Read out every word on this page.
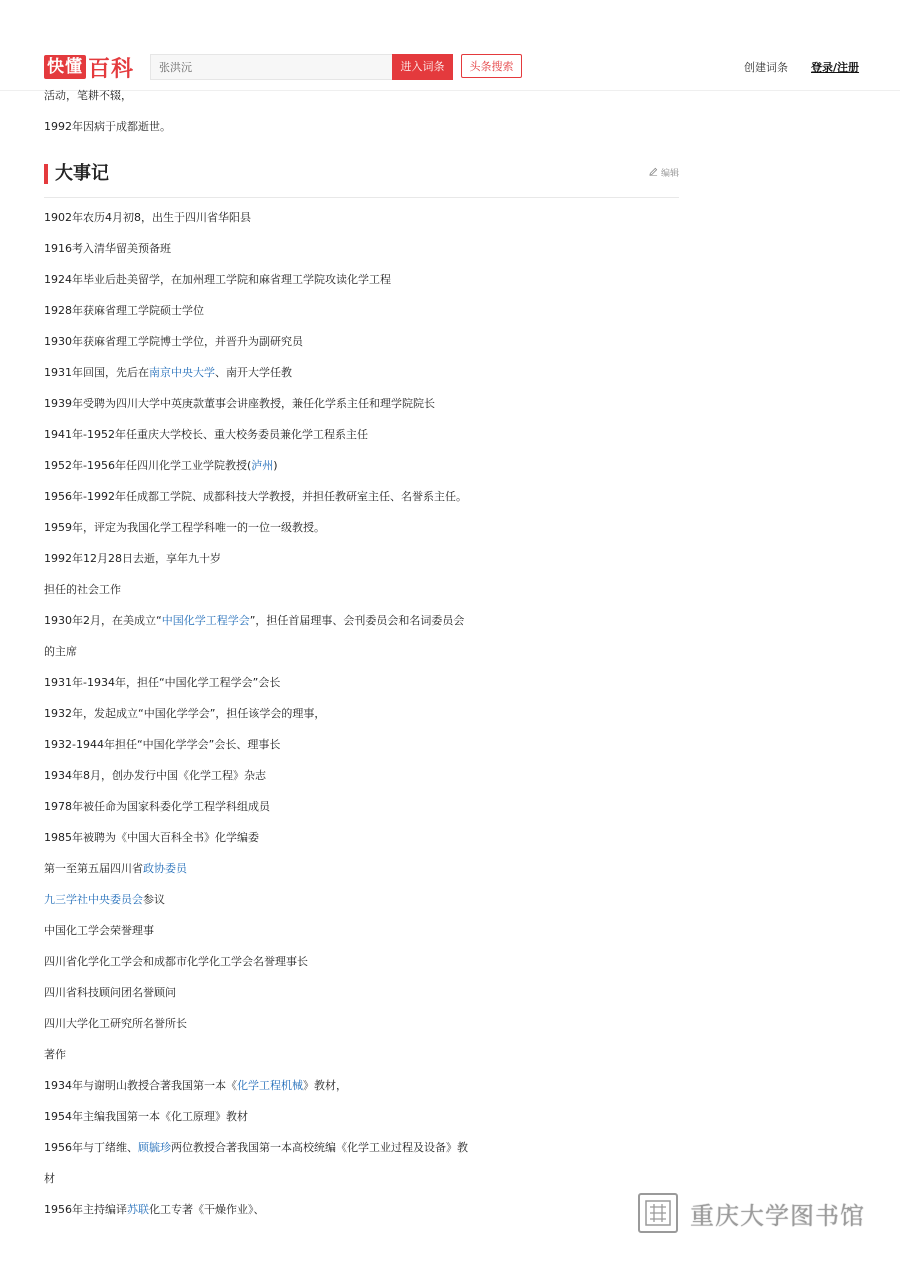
快懂 百科
张洪沅	进入词条	头条搜索	创建词条 登录/注册
活动，笔耕不辍，
1992年因病于成都逝世。
大事记	编辑
1902年农历4月初8，出生于四川省华阳县
1916考入清华留美预备班
1924年毕业后赴美留学，在加州理工学院和麻省理工学院攻读化学工程
1928年获麻省理工学院硕士学位
1930年获麻省理工学院博士学位，并晋升为副研究员
1931年回国，先后在南京中央大学、南开大学任教
1939年受聘为四川大学中英庚款董事会讲座教授，兼任化学系主任和理学院院长
1941年-1952年任重庆大学校长、重大校务委员兼化学工程系主任
1952年-1956年任四川化学工业学院教授(泸州)
1956年-1992年任成都工学院、成都科技大学教授，并担任教研室主任、名誉系主任。
1959年，评定为我国化学工程学科唯一的一位一级教授。
1992年12月28日去逝，享年九十岁
担任的社会工作
1930年2月，在美成立“中国化学工程学会”，担任首届理事、会刊委员会和名词委员会
的主席
1931年-1934年，担任“中国化学工程学会”会长
1932年，发起成立“中国化学学会”，担任该学会的理事，
1932-1944年担任“中国化学学会”会长、理事长
1934年8月，创办发行中国《化学工程》杂志
1978年被任命为国家科委化学工程学科组成员
1985年被聘为《中国大百科全书》化学编委
第一至第五届四川省政协委员
九三学社中央委员会参议
中国化工学会荣誉理事
四川省化学化工学会和成都市化学化工学会名誉理事长
四川省科技顾问团名誉顾问
四川大学化工研究所名誉所长
著作
1934年与谢明山教授合著我国第一本《化学工程机械》教材，
1954年主编我国第一本《化工原理》教材
1956年与丁绪维、顾毓珍两位教授合著我国第一本高校统编《化学工业过程及设备》教
材
1956年主持编译苏联化工专著《干燥作业》、	重庆大学图书馆
